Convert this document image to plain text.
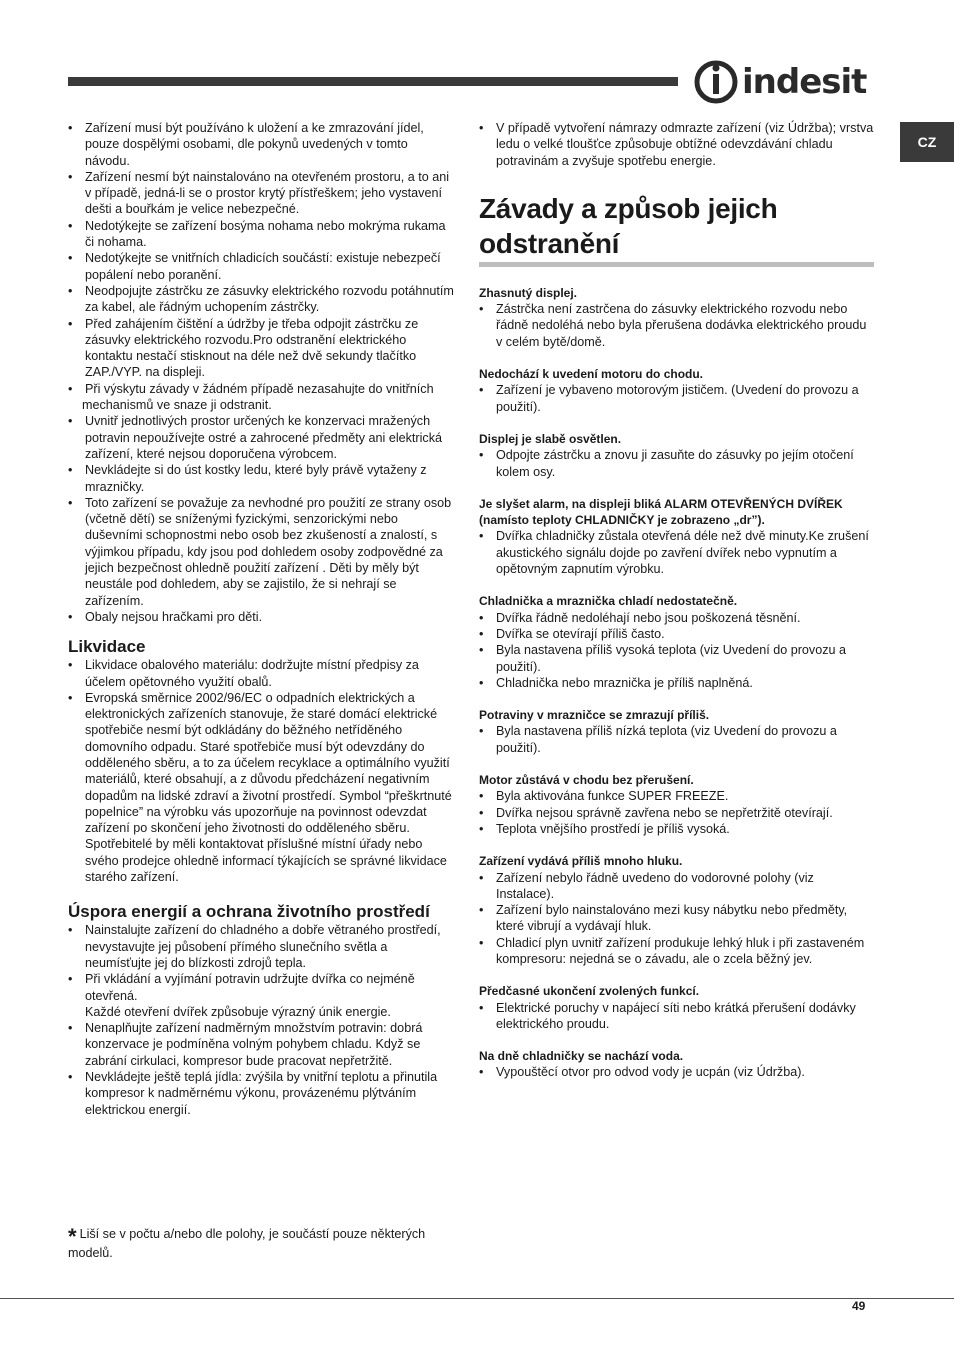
indesit
CZ
• Zařízení musí být používáno k uložení a ke zmrazování jídel, pouze dospělými osobami, dle pokynů uvedených v tomto návodu.
• Zařízení nesmí být nainstalováno na otevřeném prostoru, a to ani v případě, jedná-li se o prostor krytý přístřeškem; jeho vystavení dešti a bouřkám je velice nebezpečné.
• Nedotýkejte se zařízení bosýma nohama nebo mokrýma rukama či nohama.
• Nedotýkejte se vnitřních chladicích součástí: existuje nebezpečí popálení nebo poranění.
• Neodpojujte zástrčku ze zásuvky elektrického rozvodu potáhnutím za kabel, ale řádným uchopením zástrčky.
• Před zahájením čištění a údržby je třeba odpojit zástrčku ze zásuvky elektrického rozvodu.Pro odstranění elektrického kontaktu nestačí stisknout na déle než dvě sekundy tlačítko ZAP./VYP. na displeji.
• Při výskytu závady v žádném případě nezasahujte do vnitřních
mechanismů ve snaze ji odstranit.
• Uvnitř jednotlivých prostor určených ke konzervaci mražených potravin nepoužívejte ostré a zahrocené předměty ani elektrická zařízení, které nejsou doporučena výrobcem.
• Nevkládejte si do úst kostky ledu, které byly právě vytaženy z mrazničky.
• Toto zařízení se považuje za nevhodné pro použití ze strany osob (včetně dětí) se sníženými fyzickými, senzorickými nebo duševními schopnostmi nebo osob bez zkušeností a znalostí, s výjimkou případu, kdy jsou pod dohledem osoby zodpovědné za jejich bezpečnost ohledně použití zařízení . Děti by měly být neustále pod dohledem, aby se zajistilo, že si nehrají se zařízením.
• Obaly nejsou hračkami pro děti.
Likvidace
• Likvidace obalového materiálu: dodržujte místní předpisy za účelem opětovného využití obalů.
• Evropská směrnice 2002/96/EC o odpadních elektrických a elektronických zařízeních stanovuje, že staré domácí elektrické spotřebiče nesmí být odkládány do běžného netříděného domovního odpadu. Staré spotřebiče musí být odevzdány do odděleného sběru, a to za účelem recyklace a optimálního využití materiálů, které obsahují, a z důvodu předcházení negativním dopadům na lidské zdraví a životní prostředí. Symbol “přeškrtnuté popelnice” na výrobku vás upozorňuje na povinnost odevzdat zařízení po skončení jeho životnosti do odděleného sběru.
Spotřebitelé by měli kontaktovat příslušné místní úřady nebo svého prodejce ohledně informací týkajících se správné likvidace starého zařízení.
Úspora energií a ochrana životního prostředí
• Nainstalujte zařízení do chladného a dobře větraného prostředí, nevystavujte jej působení přímého slunečního světla a neumísťujte jej do blízkosti zdrojů tepla.
• Při vkládání a vyjímání potravin udržujte dvířka co nejméně otevřená.
Každé otevření dvířek způsobuje výrazný únik energie.
• Nenaplňujte zařízení nadměrným množstvím potravin: dobrá konzervace je podmíněna volným pohybem chladu. Když se zabrání cirkulaci, kompresor bude pracovat nepřetržitě.
• Nevkládejte ještě teplá jídla: zvýšila by vnitřní teplotu a přinutila kompresor k nadměrnému výkonu, provázenému plýtváním elektrickou energií.
* Liší se v počtu a/nebo dle polohy, je součástí pouze některých modelů.
• V případě vytvoření námrazy odmrazte zařízení (viz Údržba); vrstva ledu o velké tloušťce způsobuje obtížné odevzdávání chladu potravinám a zvyšuje spotřebu energie.
Závady a způsob jejich odstranění
Zhasnutý displej.
• Zástrčka není zastrčena do zásuvky elektrického rozvodu nebo řádně nedoléhá nebo byla přerušena dodávka elektrického proudu v celém bytě/domě.
Nedochází k uvedení motoru do chodu.
• Zařízení je vybaveno motorovým jističem. (Uvedení do provozu a použití).
Displej je slabě osvětlen.
• Odpojte zástrčku a znovu ji zasuňte do zásuvky po jejím otočení kolem osy.
Je slyšet alarm, na displeji bliká ALARM OTEVŘENÝCH DVÍŘEK (namísto teploty CHLADNIČKY je zobrazeno „dr”).
• Dvířka chladničky zůstala otevřená déle než dvě minuty.Ke zrušení akustického signálu dojde po zavření dvířek nebo vypnutím a opětovným zapnutím výrobku.
Chladnička a mraznička chladí nedostatečně.
• Dvířka řádně nedoléhají nebo jsou poškozená těsnění.
• Dvířka se otevírají příliš často.
• Byla nastavena příliš vysoká teplota (viz Uvedení do provozu a použití).
• Chladnička nebo mraznička je příliš naplněná.
Potraviny v mrazničce se zmrazují příliš.
• Byla nastavena příliš nízká teplota (viz Uvedení do provozu a použití).
Motor zůstává v chodu bez přerušení.
• Byla aktivována funkce SUPER FREEZE.
• Dvířka nejsou správně zavřena nebo se nepřetržitě otevírají.
• Teplota vnějšího prostředí je příliš vysoká.
Zařízení vydává příliš mnoho hluku.
• Zařízení nebylo řádně uvedeno do vodorovné polohy (viz Instalace).
• Zařízení bylo nainstalováno mezi kusy nábytku nebo předměty, které vibrují a vydávají hluk.
• Chladicí plyn uvnitř zařízení produkuje lehký hluk i při zastaveném kompresoru: nejedná se o závadu, ale o zcela běžný jev.
Předčasné ukončení zvolených funkcí.
• Elektrické poruchy v napájecí síti nebo krátká přerušení dodávky elektrického proudu.
Na dně chladničky se nachází voda.
• Vypouštěcí otvor pro odvod vody je ucpán (viz Údržba).
49
